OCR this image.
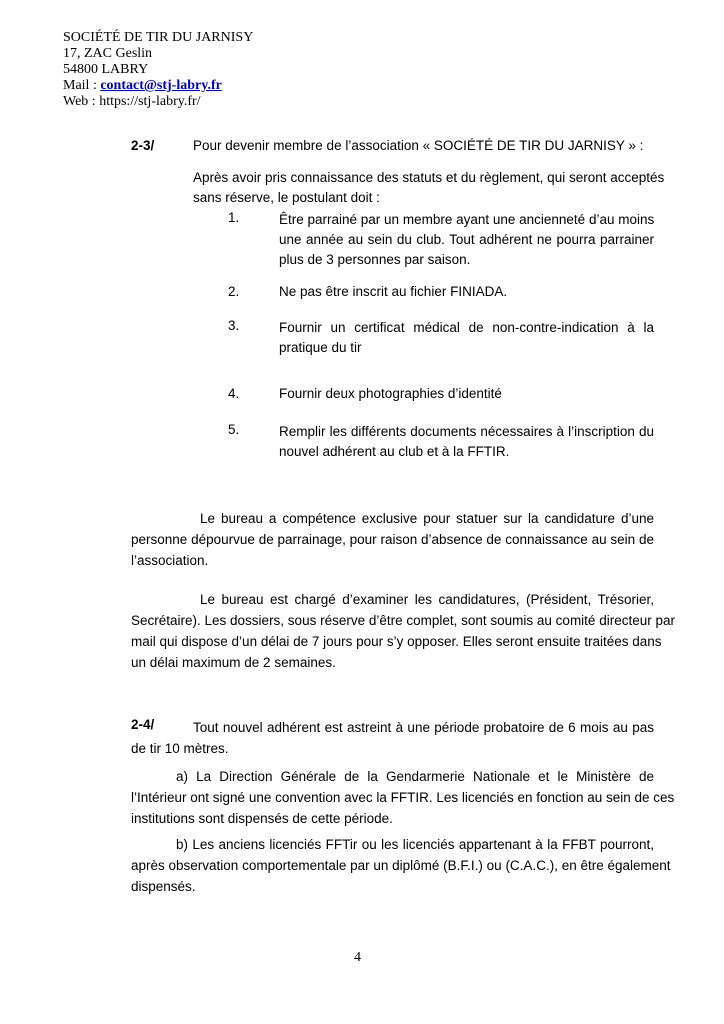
SOCIÉTÉ DE TIR DU JARNISY
17, ZAC Geslin
54800 LABRY
Mail : contact@stj-labry.fr
Web : https://stj-labry.fr/
2-3/	Pour devenir membre de l’association « SOCIÉTÉ DE TIR DU JARNISY » :
Après avoir pris connaissance des statuts et du règlement, qui seront acceptés
sans réserve, le postulant doit :
1.	Être parrainé par un membre ayant une ancienneté d’au moins
une année au sein du club. Tout adhérent ne pourra parrainer
plus de 3 personnes par saison.
2.	Ne pas être inscrit au fichier FINIADA.
3.	Fournir un certificat médical de non-contre-indication à la
pratique du tir
4.	Fournir deux photographies d’identité
5.	Remplir les différents documents nécessaires à l’inscription du
nouvel adhérent au club et à la FFTIR.
Le bureau a compétence exclusive pour statuer sur la candidature d’une
personne dépourvue de parrainage, pour raison d’absence de connaissance au sein de
l’association.
Le bureau est chargé d’examiner les candidatures, (Président, Trésorier,
Secrétaire). Les dossiers, sous réserve d’être complet, sont soumis au comité directeur par
mail qui dispose d’un délai de 7 jours pour s’y opposer. Elles seront ensuite traitées dans
un délai maximum de 2 semaines.
2-4/	Tout nouvel adhérent est astreint à une période probatoire de 6 mois au pas
de tir 10 mètres.
a) La Direction Générale de la Gendarmerie Nationale et le Ministère de
l’Intérieur ont signé une convention avec la FFTIR. Les licenciés en fonction au sein de ces
institutions sont dispensés de cette période.
b) Les anciens licenciés FFTir ou les licenciés appartenant à la FFBT pourront,
après observation comportementale par un diplômé (B.F.I.) ou (C.A.C.), en être également
dispensés.
4
